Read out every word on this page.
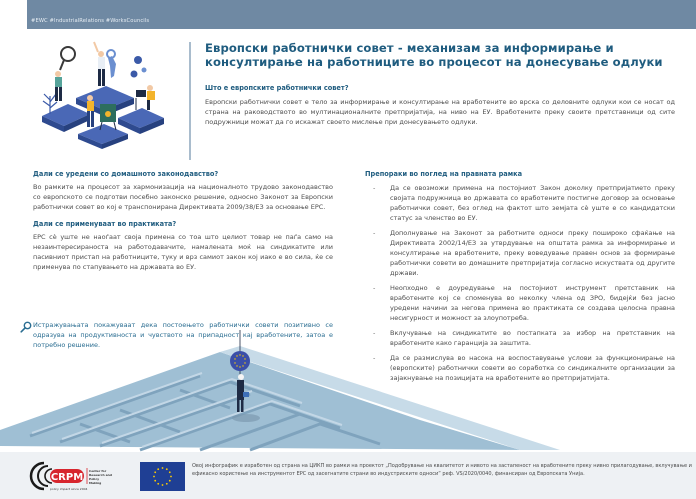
#EWC #IndustrialRelations #WorksCouncils
Европски работнички совет - механизам за информирање и консултирање на работниците во процесот на донесување одлуки
Што е европските работнички совет?

Европски работнички совет е тело за информирање и консултирање на вработените во врска со деловните одлуки кои се носат од страна на раководството во мултинационалните претпријатија, на ниво на ЕУ. Вработените преку своите претставници од сите подружници можат да го искажат своето мислење при донесувањето одлуки.

Дали се уредени со домашното законодавство?

Во рамките на процесот за хармонизација на националното трудово законодавство со европското се подготви посебно законско решение, односно Законот за Европски работнички совет во кој е транспонирана Директивата 2009/38/ЕЗ за основање ЕРС.

Дали се применуваат во практиката?

ЕРС сè уште не наоѓаат своја примена со тоа што целиот товар не паѓа само на незаинтересираноста на работодавачите, намалената моќ на синдикатите или пасивниот пристап на работниците, туку и врз самиот закон кој иако е во сила, ќе се применува по стапувањето на државата во ЕУ.

Истражувањата покажуваат дека постоењето работнички совети позитивно се одразува на продуктивноста и чувството на припадност кај вработените, затоа е потребно решение.
Препораки во поглед на правната рамка
- Да се овозможи примена на постојниот Закон доколку претпријатието преку својата подружница во државата со вработените постигне договор за основање работнички совет, без оглед на фактот што земјата сè уште е со кандидатски статус за членство во ЕУ.

- Дополнување на Законот за работните односи преку пошироко сфаќање на Директивата 2002/14/ЕЗ за утврдување на општата рамка за информирање и консултирање на вработените, преку воведување правен основ за формирање работнички совети во домашните претпријатија согласно искуствата од другите држави.

- Неопходно е доуредување на постојниот инструмент претставник на вработените кој се споменува во неколку члена од ЗРО, бидејќи без јасно уредени начини за негова примена во практиката се создава целосна правна несигурност и можност за злоупотреба.

- Вклучување на синдикатите во постапката за избор на претставник на вработените како гаранција за заштита.

- Да се размислува во насока на воспоставување услови за функционирање на (европските) работнички совети во соработка со синдикалните организации за зајакнување на позицијата на вработените во претпријатијата.

CRPM
Center for
Research and
Policy
Making
policy impact since 2004

Овој инфографик е изработен од страна на ЦИКП во рамки на проектот „Подобрување на квалитетот и нивото на застапеност на вработените преку нивно прилагодување, вклучување и ефикасно користење на инструментот ЕРС од засегнатите страни во индустриските односи“ реф. VS/2020/0040, финансиран од Европската Унија.
